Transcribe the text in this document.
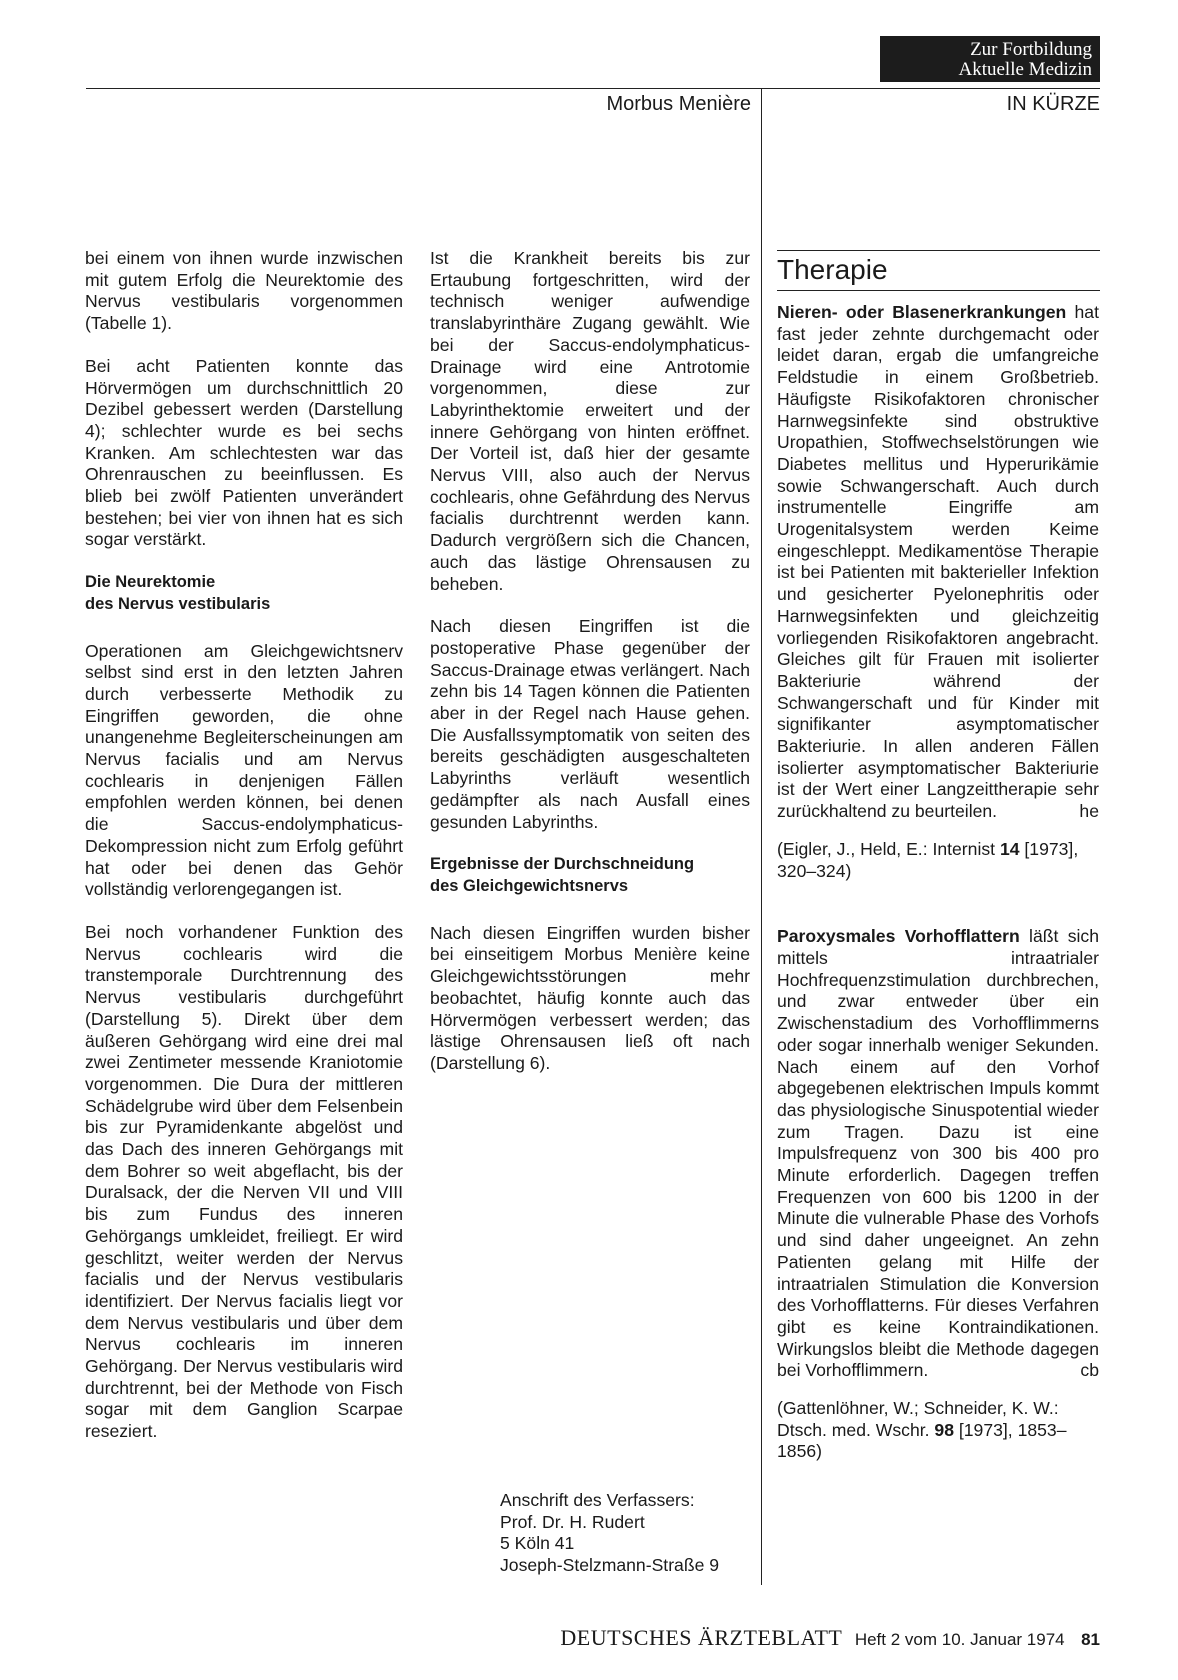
Zur Fortbildung
Aktuelle Medizin
Morbus Menière	IN KÜRZE

bei einem von ihnen wurde inzwischen mit gutem Erfolg die Neurektomie des Nervus vestibularis vorgenommen (Tabelle 1).

Bei acht Patienten konnte das Hörvermögen um durchschnittlich 20 Dezibel gebessert werden (Darstellung 4); schlechter wurde es bei sechs Kranken. Am schlechtesten war das Ohrenrauschen zu beeinflussen. Es blieb bei zwölf Patienten unverändert bestehen; bei vier von ihnen hat es sich sogar verstärkt.

Die Neurektomie
des Nervus vestibularis

Operationen am Gleichgewichtsnerv selbst sind erst in den letzten Jahren durch verbesserte Methodik zu Eingriffen geworden, die ohne unangenehme Begleiterscheinungen am Nervus facialis und am Nervus cochlearis in denjenigen Fällen empfohlen werden können, bei denen die Saccus-endolymphaticus-Dekompression nicht zum Erfolg geführt hat oder bei denen das Gehör vollständig verlorengegangen ist.

Bei noch vorhandener Funktion des Nervus cochlearis wird die transtemporale Durchtrennung des Nervus vestibularis durchgeführt (Darstellung 5). Direkt über dem äußeren Gehörgang wird eine drei mal zwei Zentimeter messende Kraniotomie vorgenommen. Die Dura der mittleren Schädelgrube wird über dem Felsenbein bis zur Pyramidenkante abgelöst und das Dach des inneren Gehörgangs mit dem Bohrer so weit abgeflacht, bis der Duralsack, der die Nerven VII und VIII bis zum Fundus des inneren Gehörgangs umkleidet, freiliegt. Er wird geschlitzt, weiter werden der Nervus facialis und der Nervus vestibularis identifiziert. Der Nervus facialis liegt vor dem Nervus vestibularis und über dem Nervus cochlearis im inneren Gehörgang. Der Nervus vestibularis wird durchtrennt, bei der Methode von Fisch sogar mit dem Ganglion Scarpae reseziert.

Ist die Krankheit bereits bis zur Ertaubung fortgeschritten, wird der technisch weniger aufwendige translabyrinthäre Zugang gewählt. Wie bei der Saccus-endolymphaticus-Drainage wird eine Antrotomie vorgenommen, diese zur Labyrinthektomie erweitert und der innere Gehörgang von hinten eröffnet. Der Vorteil ist, daß hier der gesamte Nervus VIII, also auch der Nervus cochlearis, ohne Gefährdung des Nervus facialis durchtrennt werden kann. Dadurch vergrößern sich die Chancen, auch das lästige Ohrensausen zu beheben.

Nach diesen Eingriffen ist die postoperative Phase gegenüber der Saccus-Drainage etwas verlängert. Nach zehn bis 14 Tagen können die Patienten aber in der Regel nach Hause gehen. Die Ausfallssymptomatik von seiten des bereits geschädigten ausgeschalteten Labyrinths verläuft wesentlich gedämpfter als nach Ausfall eines gesunden Labyrinths.

Ergebnisse der Durchschneidung
des Gleichgewichtsnervs

Nach diesen Eingriffen wurden bisher bei einseitigem Morbus Menière keine Gleichgewichtsstörungen mehr beobachtet, häufig konnte auch das Hörvermögen verbessert werden; das lästige Ohrensausen ließ oft nach (Darstellung 6).

Anschrift des Verfassers:
Prof. Dr. H. Rudert
5 Köln 41
Joseph-Stelzmann-Straße 9
Therapie

Nieren- oder Blasenerkrankungen hat fast jeder zehnte durchgemacht oder leidet daran, ergab die umfangreiche Feldstudie in einem Großbetrieb. Häufigste Risikofaktoren chronischer Harnwegsinfekte sind obstruktive Uropathien, Stoffwechselstörungen wie Diabetes mellitus und Hyperurikämie sowie Schwangerschaft. Auch durch instrumentelle Eingriffe am Urogenitalsystem werden Keime eingeschleppt. Medikamentöse Therapie ist bei Patienten mit bakterieller Infektion und gesicherter Pyelonephritis oder Harnwegsinfekten und gleichzeitig vorliegenden Risikofaktoren angebracht. Gleiches gilt für Frauen mit isolierter Bakteriurie während der Schwangerschaft und für Kinder mit signifikanter asymptomatischer Bakteriurie. In allen anderen Fällen isolierter asymptomatischer Bakteriurie ist der Wert einer Langzeittherapie sehr zurückhaltend zu beurteilen.	he

(Eigler, J., Held, E.: Internist 14 [1973], 320–324)

Paroxysmales Vorhofflattern läßt sich mittels intraatrialer Hochfrequenzstimulation durchbrechen, und zwar entweder über ein Zwischenstadium des Vorhofflimmerns oder sogar innerhalb weniger Sekunden. Nach einem auf den Vorhof abgegebenen elektrischen Impuls kommt das physiologische Sinuspotential wieder zum Tragen. Dazu ist eine Impulsfrequenz von 300 bis 400 pro Minute erforderlich. Dagegen treffen Frequenzen von 600 bis 1200 in der Minute die vulnerable Phase des Vorhofs und sind daher ungeeignet. An zehn Patienten gelang mit Hilfe der intraatrialen Stimulation die Konversion des Vorhofflatterns. Für dieses Verfahren gibt es keine Kontraindikationen. Wirkungslos bleibt die Methode dagegen bei Vorhofflimmern.	cb

(Gattenlöhner, W.; Schneider, K. W.: Dtsch. med. Wschr. 98 [1973], 1853–1856)

DEUTSCHES ÄRZTEBLATT Heft 2 vom 10. Januar 1974 81
